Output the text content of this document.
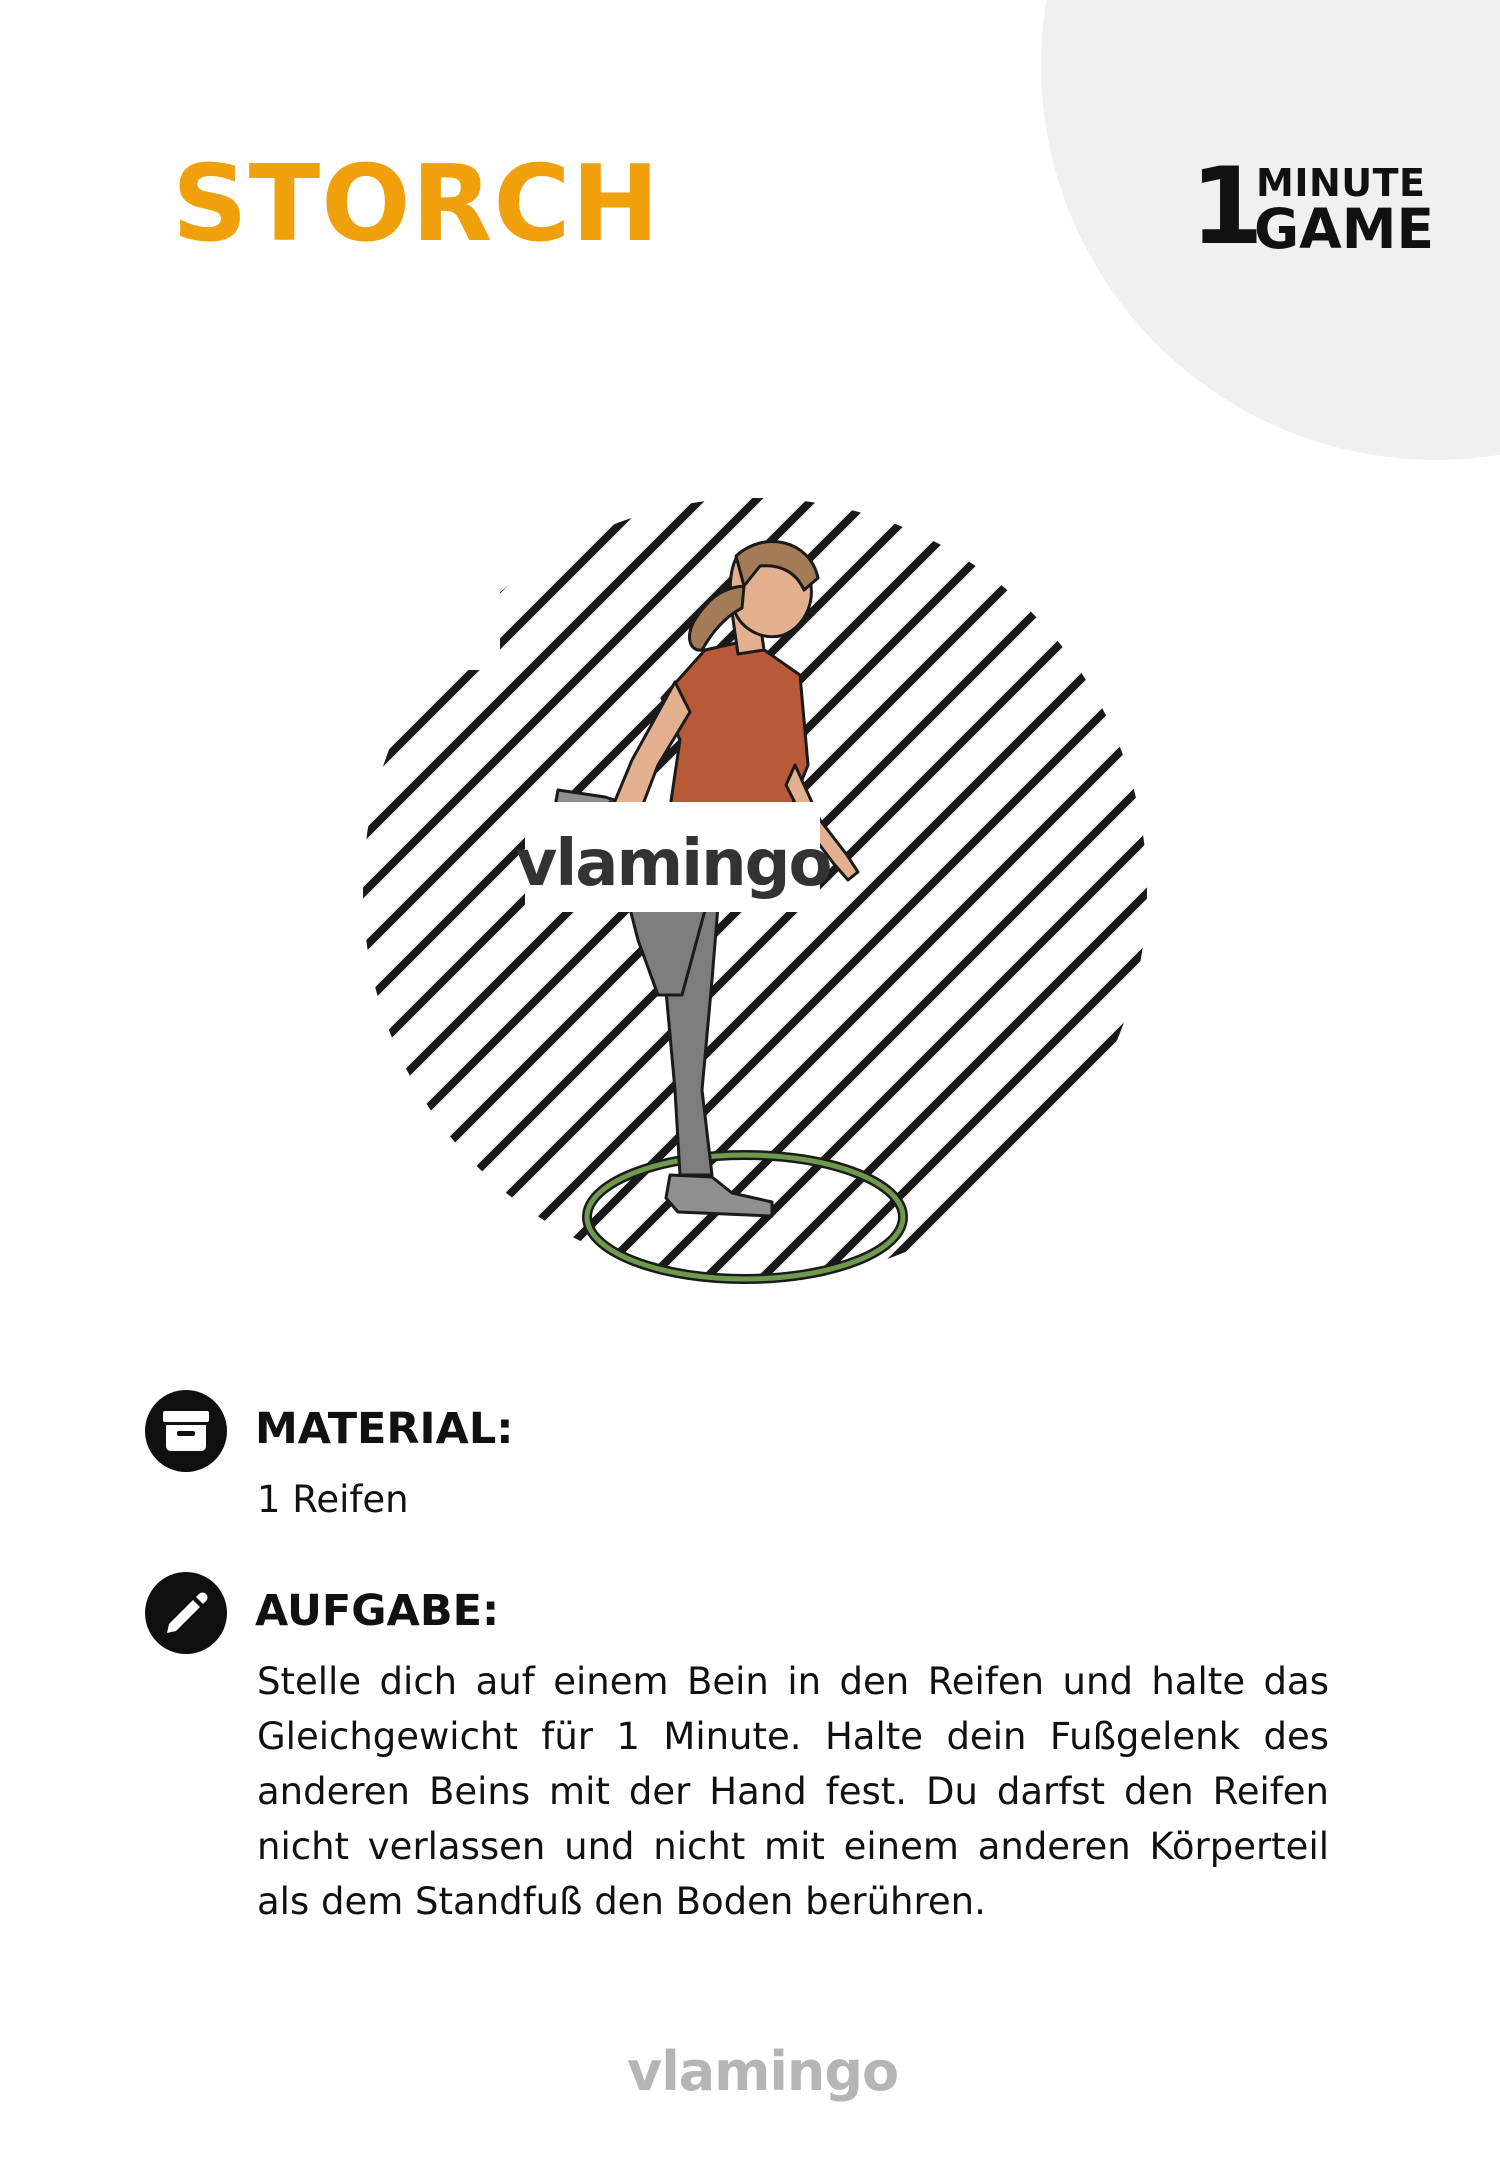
STORCH	1
MINUTE
GAME
vlamingo
MATERIAL:

1 Reifen

AUFGABE:

Stelle dich auf einem Bein in den Reifen und halte das Gleichgewicht für 1 Minute. Halte dein Fußgelenk des anderen Beins mit der Hand fest. Du darfst den Reifen nicht verlassen und nicht mit einem anderen Körperteil als dem Standfuß den Boden berühren.

vlamingo
